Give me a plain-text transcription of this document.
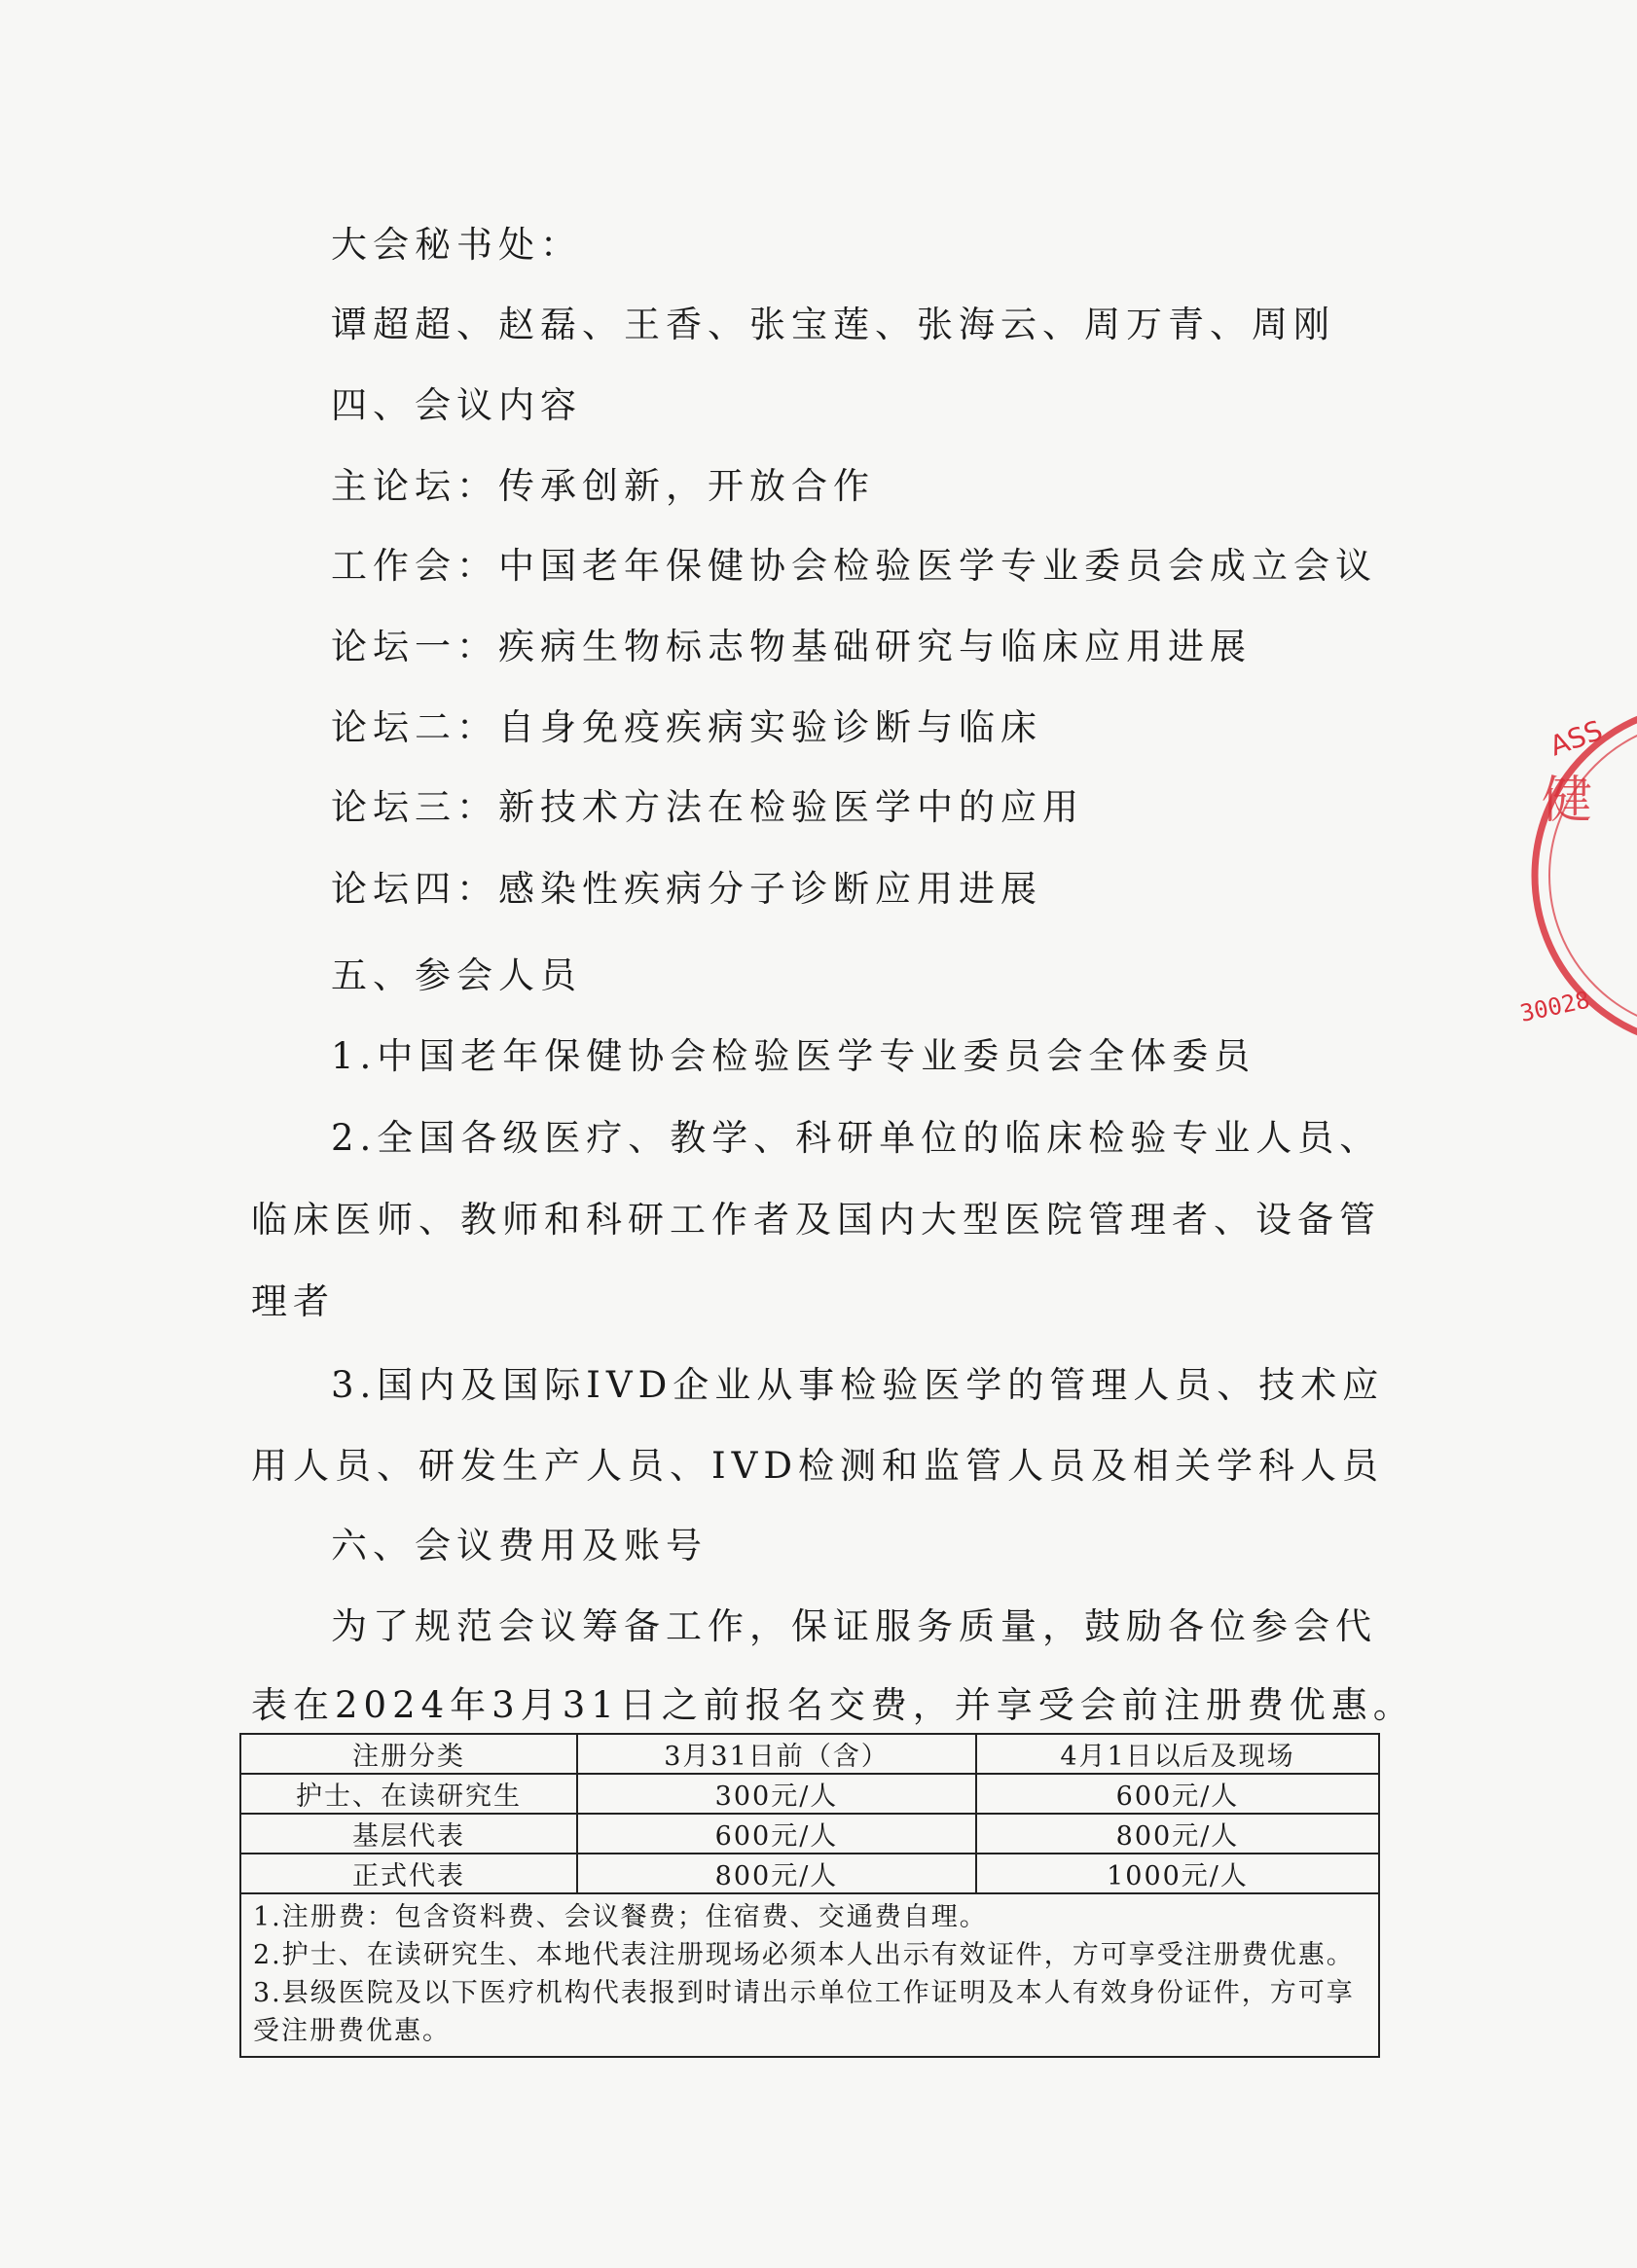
大会秘书处：
谭超超、赵磊、王香、张宝莲、张海云、周万青、周刚
四、会议内容
主论坛：传承创新，开放合作
工作会：中国老年保健协会检验医学专业委员会成立会议
论坛一：疾病生物标志物基础研究与临床应用进展
论坛二：自身免疫疾病实验诊断与临床
论坛三：新技术方法在检验医学中的应用
论坛四：感染性疾病分子诊断应用进展
五、参会人员
1.中国老年保健协会检验医学专业委员会全体委员
2.全国各级医疗、教学、科研单位的临床检验专业人员、
临床医师、教师和科研工作者及国内大型医院管理者、设备管
理者
3.国内及国际IVD企业从事检验医学的管理人员、技术应
用人员、研发生产人员、IVD检测和监管人员及相关学科人员
六、会议费用及账号
为了规范会议筹备工作，保证服务质量，鼓励各位参会代
表在2024年3月31日之前报名交费，并享受会前注册费优惠。
注册分类	3月31日前（含）	4月1日以后及现场
护士、在读研究生	300元/人	600元/人
基层代表	600元/人	800元/人
正式代表	800元/人	1000元/人

1.注册费：包含资料费、会议餐费；住宿费、交通费自理。
2.护士、在读研究生、本地代表注册现场必须本人出示有效证件，方可享受注册费优惠。
3.县级医院及以下医疗机构代表报到时请出示单位工作证明及本人有效身份证件，方可享受注册费优惠。		
ASS
健
30028
